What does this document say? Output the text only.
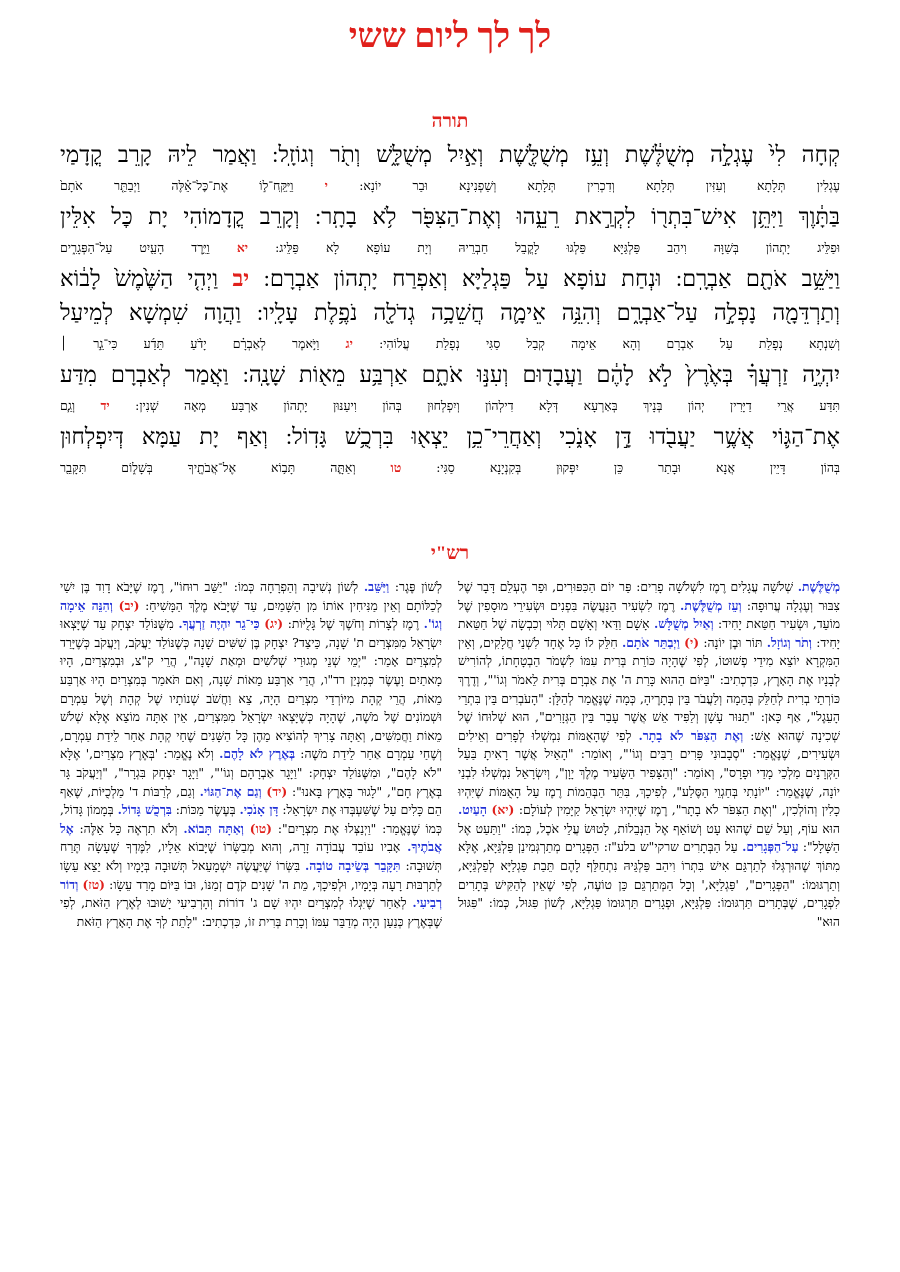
לך לך ליום ששי
תורה
קְחָה לִי֙ עֶגְלָ֣ה מְשֻׁלֶּ֔שֶׁת וְעֵ֥ז מְשֻׁלֶּ֖שֶׁת וְאַ֣יִל מְשֻׁלָּ֑שׁ וְתֹ֖ר וְגוֹזָֽל: וַאֲמַר לֵיהּ קָרֵב קֳדָמַי
עֶגְלִין תְּלָתָא וְעִזִּין תְּלָתָא וְדִכְרִין תְּלָתָא וְשַׁפְנִינָא וּבַר יוֹנָא: י וַיִּֽקַּֽח־ל֣וֹ אֶת־כׇּל־אֵ֗לֶּה וַיְבַתֵּ֤ר אֹתָם֙
בַּתָּ֔וֶךְ וַיִּתֵּ֥ן אִישׁ־בִּתְר֖וֹ לִקְרַ֣את רֵעֵ֑הוּ וְאֶת־הַצִּפֹּ֖ר לֹ֥א בָתָֽר: וְקָרֵב קֳדָמוֹהִי יָת כׇּל אִלֵּין
וּפַלֵּיג יָתְהוֹן בְּשַׁוָּה וִיהַב פַּלְגַּיָּא פַּלְגּוּ לָקֳבֵל חַבְרֵיהּ וְיָת עוֹפָא לָא פַּלֵּיג: יא וַיֵּ֥רֶד הָעַ֖יִט עַל־הַפְּגָרִ֑ים
וַיַּשֵּׁ֥ב אֹתָ֖ם אַבְרָֽם: וּנְחַת עוֹפָא עַל פַּגְלַיָּא וְאַפְרַח יָתְהוֹן אַבְרָם: יב וַיְהִ֤י הַשֶּׁ֙מֶשׁ֙ לָב֔וֹא
וְתַרְדֵּמָ֖ה נָפְלָ֣ה עַל־אַבְרָ֑ם וְהִנֵּ֥ה אֵימָ֛ה חֲשֵׁכָ֥ה גְדֹלָ֖ה נֹפֶ֥לֶת עָלָֽיו: וַהֲוָה שִׁמְשָׁא לְמֵיעַל
וְשִׁנְתָא נְפָלַת עַל אַבְרָם וְהָא אֵימָה קְבַל סַגִּי נְפָלַת עֲלוֹהִי: יג וַיֹּ֣אמֶר לְאַבְרָ֗ם יָדֹ֨עַ תֵּדַ֜ע כִּי־גֵ֣ר ׀
יִהְיֶ֣ה זַרְעֲךָ֗ בְּאֶ֙רֶץ֙ לֹ֣א לָהֶ֔ם וַעֲבָד֖וּם וְעִנּ֣וּ אֹתָ֑ם אַרְבַּ֥ע מֵא֖וֹת שָׁנָֽה: וַאֲמַר לְאַבְרָם מִדַּע
תִּדַּע אֲרֵי דַיָּרִין יְהוֹן בְּנָיךְ בְּאַרְעָא דְּלָא דִילְהוֹן וְיִפְלְחוּן בְּהוֹן וִיעַנּוּן יָתְהוֹן אַרְבַּע מְאָה שְׁנִין: יד וְגַ֧ם
אֶת־הַגּ֛וֹי אֲשֶׁ֥ר יַעֲבֹ֖דוּ דָּ֣ן אָנֹ֑כִי וְאַחֲרֵי־כֵ֥ן יֵצְא֖וּ בִּרְכֻ֥שׁ גָּדֽוֹל: וְאַף יָת עַמָּא דְּיִפְלְחוּן
בְּהוֹן דָּיֵין אֲנָא וּבָתַר כֵּן יִפְּקוּן בְּקִנְיָנָא סַגִּי: טו וְאַתָּ֛ה תָּב֥וֹא אֶל־אֲבֹתֶ֖יךָ בְּשָׁל֑וֹם תִּקָּבֵ֖ר
רש"י

מְשֻׁלֶּשֶׁת. שְׁלֹשָׁה עֲגָלִים רֶמֶז לִשְׁלֹשָׁה פָרִים: פַּר יוֹם הַכִּפּוּרִים, וּפַר הֶעְלֵם דָּבָר שֶׁל צִבּוּר וְעֶגְלָה עֲרוּפָה: וְעֵז מְשֻׁלֶּשֶׁת. רֶמֶז לִשְׂעִיר הַנַּעֲשֶׂה בִּפְנִים וּשְׂעִירֵי מוּסָפִין שֶׁל מוֹעֵד, וּשְׂעִיר חַטַּאת יָחִיד: וְאַיִל מְשֻׁלָּשׁ. אָשָׁם וַדַּאי וְאָשָׁם תָּלוּי וְכִבְשָׂה שֶׁל חַטַּאת יָחִיד: וְתֹר וְגוֹזָל. תּוֹר וּבֶן יוֹנָה: (י) וַיְבַתֵּר אֹתָם. חִלֵּק לוֹ כָּל אֶחָד לִשְׁנֵי חֲלָקִים, וְאֵין הַמִּקְרָא יוֹצֵא מִידֵי פְשׁוּטוֹ, לְפִי שֶׁהָיָה כּוֹרֵת בְּרִית עִמּוֹ לִשְׁמֹר הַבְטָחָתוֹ, לְהוֹרִישׁ לְבָנָיו אֶת הָאָרֶץ, כִּדְכְתִיב: "בַּיּוֹם הַהוּא כָּרַת ה' אֶת אַבְרָם בְּרִית לֵאמֹר וְגוֹ'", וְדֶרֶךְ כּוֹרְתֵי בְרִית לְחַלֵּק בְּהֵמָה וְלַעֲבֹר בֵּין בְּתָרֶיהָ, כְּמָה שֶׁנֶּאֱמַר לְהַלָּן: "הָעֹבְרִים בֵּין בִּתְרֵי הָעֵגֶל", אַף כָּאן: "תַנּוּר עָשָׁן וְלַפִּיד אֵשׁ אֲשֶׁר עָבַר בֵּין הַגְּזָרִים", הוּא שְׁלוּחוֹ שֶׁל שְׁכִינָה שֶׁהוּא אֵשׁ: וְאֶת הַצִּפֹּר לֹא בָתָר. לְפִי שֶׁהָאֻמּוֹת נִמְשְׁלוּ לְפָרִים וְאֵילִים וּשְׂעִירִים, שֶׁנֶּאֱמַר: "סְבָבוּנִי פָּרִים רַבִּים וְגוֹ'", וְאוֹמֵר: "הָאַיִל אֲשֶׁר רָאִיתָ בַּעַל הַקְּרָנָיִם מַלְכֵי מָדַי וּפָרָס", וְאוֹמֵר: "וְהַצָּפִיר הַשָּׂעִיר מֶלֶךְ יָוָן", וְיִשְׂרָאֵל נִמְשְׁלוּ לִבְנֵי יוֹנָה, שֶׁנֶּאֱמַר: "יוֹנָתִי בְּחַגְוֵי הַסֶּלַע", לְפִיכָךְ, בִּתֵּר הַבְּהֵמוֹת רֶמֶז עַל הָאֻמּוֹת שֶׁיִּהְיוּ כָלִין וְהוֹלְכִין, "וְאֶת הַצִּפֹּר לֹא בָתָר", רֶמֶז שֶׁיִּהְיוּ יִשְׂרָאֵל קַיָּמִין לְעוֹלָם: (יא) הָעַיִט. הוּא עוֹף, וְעַל שֵׁם שֶׁהוּא עָט וְשׁוֹאֵף אֶל הַנְּבֵלוֹת, לָטוּשׂ עֲלֵי אֹכֶל, כְּמוֹ: "וַתַּעַט אֶל הַשָּׁלָל": עַל־הַפְּגָרִים. עַל הַבְּתָרִים שרקי"ש בלע"ז: הַפְּגָרִים מְתַרְגְּמִינַן פַּלְגַּיָּא, אֶלָּא מִתּוֹךְ שֶׁהוּרְגְּלוּ לְתַרְגֵּם אִישׁ בִּתְרוֹ וִיהַב פַּלְגֵּיהּ נִתְחַלֵּף לָהֶם תֵּבַת פַּגְלַיָּא לְפַלְגַּיָּא, וְתַרְגּוּמוֹ: "הַפְּגָרִים", 'פַּגְלַיָּא,' וְכָל הַמְּתַרְגֵּם כֵּן טוֹעֶה, לְפִי שֶׁאֵין לְהַקִּישׁ בְּתָרִים לִפְגָרִים, שֶׁבְּתָרִים תַּרְגּוּמוֹ: פַּלְגַּיָּא, וּפְגָרִים תַּרְגּוּמוֹ פַּגְלַיָּא, לְשׁוֹן פִּגּוּל, כְּמוֹ: "פִּגּוּל הוּא"

לְשׁוֹן פֶּגֶר: וַיַּשֵּׁב. לְשׁוֹן נְשִׁיבָה וְהַפְרָחָה כְּמוֹ: "יַשֵּׁב רוּחוֹ", רֶמֶז שֶׁיָּבֹא דָוִד בֶּן יִשַׁי לְכַלּוֹתָם וְאֵין מַנִּיחִין אוֹתוֹ מִן הַשָּׁמַיִם, עַד שֶׁיָּבֹא מֶלֶךְ הַמָּשִׁיחַ: (יב) וְהִנֵּה אֵימָה וְגוֹ'. רֶמֶז לְצָרוֹת וְחֹשֶׁךְ שֶׁל גָּלֻיּוֹת: (יג) כִּי־גֵר יִהְיֶה זַרְעֲךָ. מִשֶּׁנּוֹלַד יִצְחָק עַד שֶׁיָּצְאוּ יִשְׂרָאֵל מִמִּצְרַיִם ת' שָׁנָה, כֵּיצַד? יִצְחָק בֶּן שִׁשִּׁים שָׁנָה כְּשֶׁנּוֹלַד יַעֲקֹב, וְיַעֲקֹב כְּשֶׁיָּרַד לְמִצְרַיִם אָמַר: "יְמֵי שְׁנֵי מְגוּרַי שְׁלֹשִׁים וּמְאַת שָׁנָה", הֲרֵי ק"צ, וּבְמִצְרַיִם, הָיוּ מָאתַיִם וָעֶשֶׂר כְּמִנְיַן רד"ו, הֲרֵי אַרְבַּע מֵאוֹת שָׁנָה, וְאִם תֹּאמַר בְּמִצְרַיִם הָיוּ אַרְבַּע מֵאוֹת, הֲרֵי קְהָת מִיּוֹרְדֵי מִצְרַיִם הָיָה, צֵא וַחֲשֹׁב שְׁנוֹתָיו שֶׁל קְהָת וְשֶׁל עַמְרָם וּשְׁמוֹנִים שֶׁל מֹשֶׁה, שֶׁהָיָה כְּשֶׁיָּצְאוּ יִשְׂרָאֵל מִמִּצְרַיִם, אֵין אַתָּה מוֹצֵא אֶלָּא שְׁלֹשׁ מֵאוֹת וַחֲמִשִּׁים, וְאַתָּה צָרִיךְ לְהוֹצִיא מֵהֶן כָּל הַשָּׁנִים שֶׁחַי קְהָת אַחַר לֵידַת עַמְרָם, וְשֶׁחַי עַמְרָם אַחַר לֵידַת מֹשֶׁה: בְּאֶרֶץ לֹא לָהֶם. וְלֹא נֶאֱמַר: 'בְּאֶרֶץ מִצְרַיִם,' אֶלָּא "לֹא לָהֶם", וּמִשֶּׁנּוֹלַד יִצְחָק: "וַיָּגָר אַבְרָהָם וְגוֹ'", "וַיָּגָר יִצְחָק בִּגְרָר", "וְיַעֲקֹב גָּר בְּאֶרֶץ חָם", "לָגוּר בָּאָרֶץ בָּאנוּ": (יד) וְגַם אֶת־הַגּוֹי. וְגַם, לְרַבּוֹת ד' מַלְכֻיּוֹת, שֶׁאַף הֵם כָּלִים עַל שֶׁשִּׁעְבְּדוּ אֶת יִשְׂרָאֵל: דָּן אָנֹכִי. בְּעֶשֶׂר מַכּוֹת: בִּרְכֻשׁ גָּדוֹל. בְּמָמוֹן גָּדוֹל, כְּמוֹ שֶׁנֶּאֱמַר: "וַיְנַצְּלוּ אֶת מִצְרָיִם": (טו) וְאַתָּה תָּבוֹא. וְלֹא תִרְאֶה כָּל אֵלֶּה: אֶל אֲבֹתֶיךָ. אָבִיו עוֹבֵד עֲבוֹדָה זָרָה, וְהוּא מְבַשְּׂרוֹ שֶׁיָּבוֹא אֵלָיו, לִמֶּדְךָ שֶׁעָשָׂה תֶּרַח תְּשׁוּבָה: תִּקָּבֵר בְּשֵׂיבָה טוֹבָה. בִּשְּׂרוֹ שֶׁיַּעֲשֶׂה יִשְׁמָעֵאל תְּשׁוּבָה בְּיָמָיו וְלֹא יֵצֵא עֵשָׂו לְתַרְבּוּת רָעָה בְּיָמָיו, וּלְפִיכָךְ, מֵת ה' שָׁנִים קֹדֶם זְמַנּוֹ, וּבוֹ בַּיּוֹם מָרַד עֵשָׂו: (טז) וְדוֹר רְבִיעִי. לְאַחַר שֶׁיִּגְלוּ לְמִצְרַיִם יִהְיוּ שָׁם ג' דוֹרוֹת וְהָרְבִיעִי יָשׁוּבוּ לְאֶרֶץ הַזֹּאת, לְפִי שֶׁבְּאֶרֶץ כְּנַעַן הָיָה מְדַבֵּר עִמּוֹ וְכָרַת בְּרִית זוֹ, כִּדְכְתִיב: "לָתֵת לְךָ אֶת הָאָרֶץ הַזֹּאת
